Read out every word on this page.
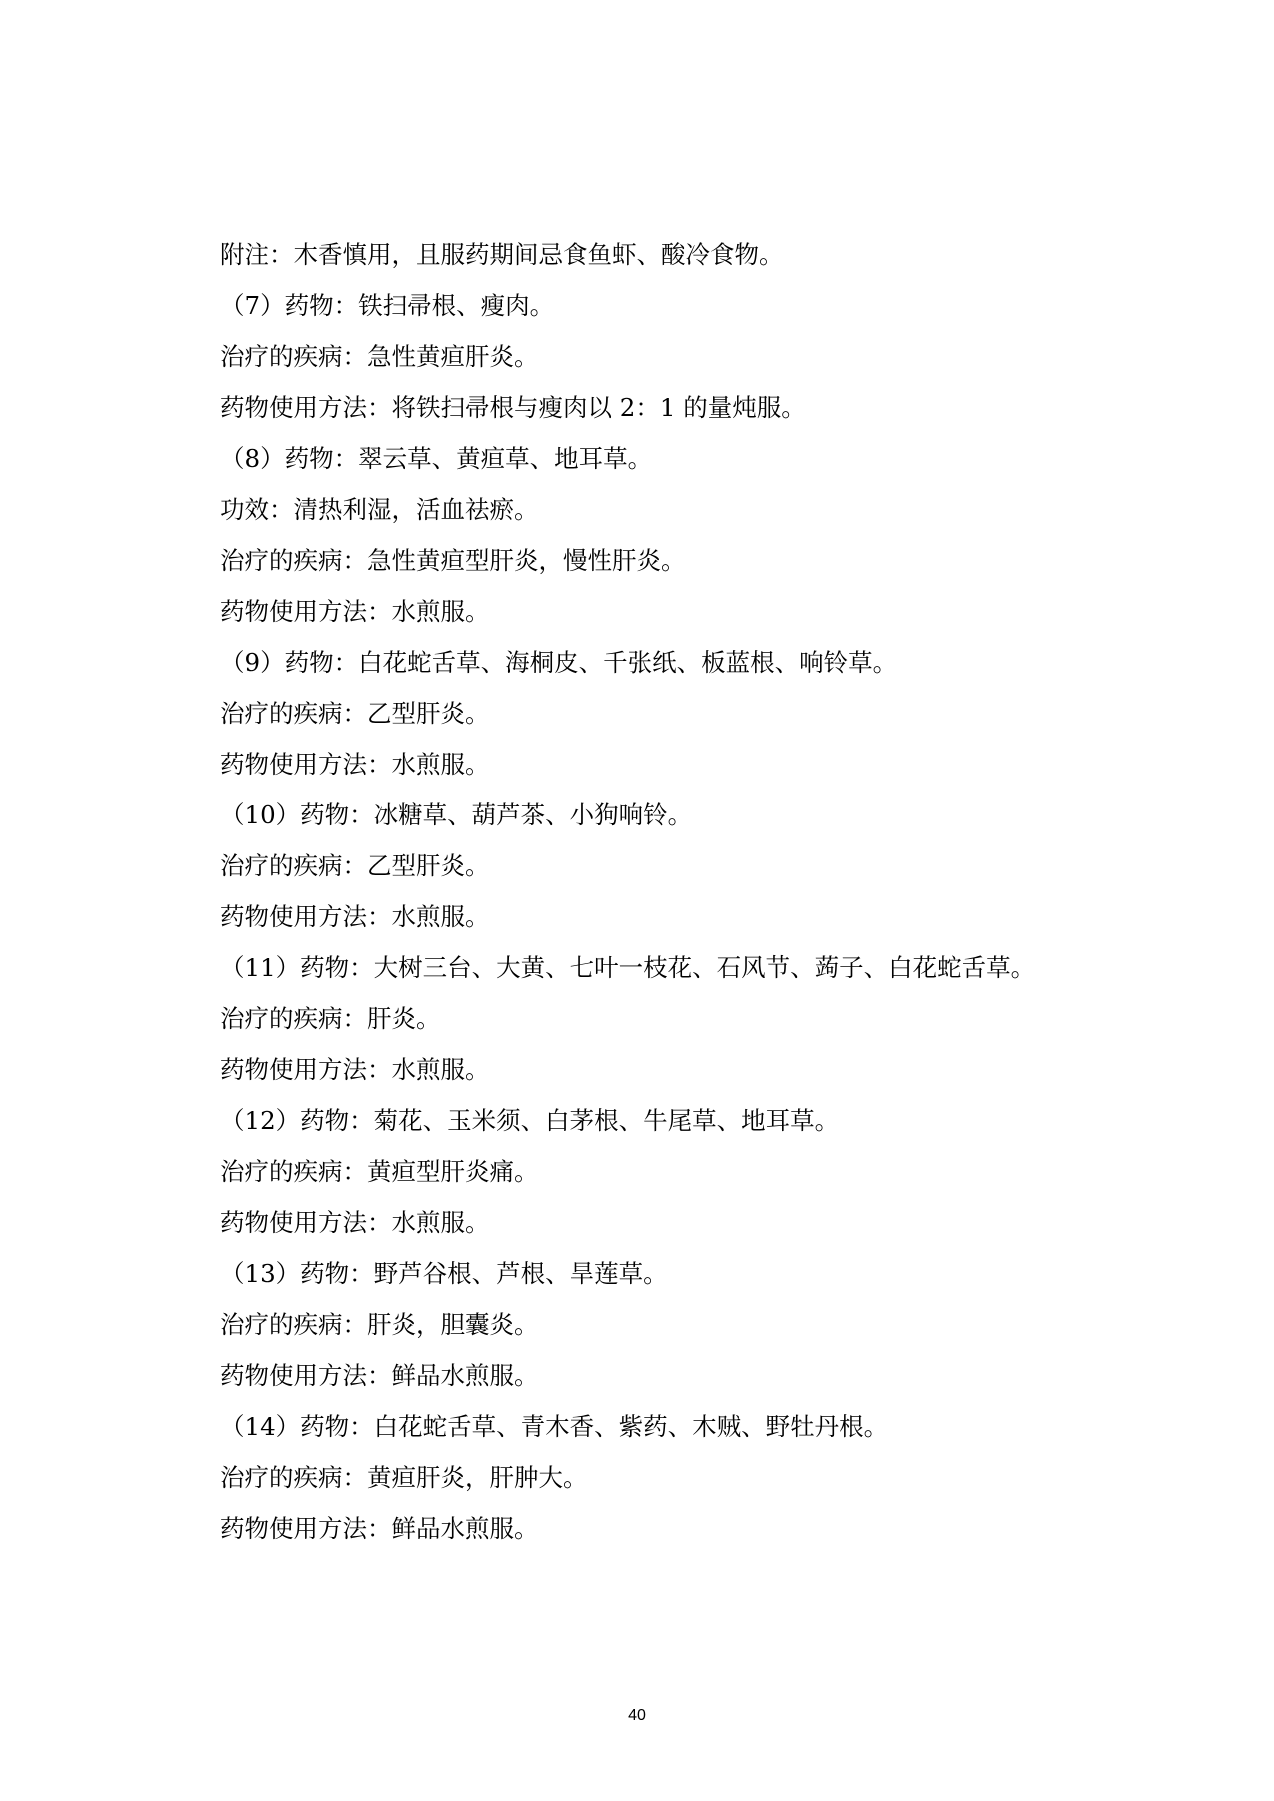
附注：木香慎用，且服药期间忌食鱼虾、酸冷食物。
（7）药物：铁扫帚根、瘦肉。
治疗的疾病：急性黄疸肝炎。
药物使用方法：将铁扫帚根与瘦肉以 2：1 的量炖服。
（8）药物：翠云草、黄疸草、地耳草。
功效：清热利湿，活血祛瘀。
治疗的疾病：急性黄疸型肝炎，慢性肝炎。
药物使用方法：水煎服。
（9）药物：白花蛇舌草、海桐皮、千张纸、板蓝根、响铃草。
治疗的疾病：乙型肝炎。
药物使用方法：水煎服。
（10）药物：冰糖草、葫芦茶、小狗响铃。
治疗的疾病：乙型肝炎。
药物使用方法：水煎服。
（11）药物：大树三台、大黄、七叶一枝花、石风节、蒟子、白花蛇舌草。
治疗的疾病：肝炎。
药物使用方法：水煎服。
（12）药物：菊花、玉米须、白茅根、牛尾草、地耳草。
治疗的疾病：黄疸型肝炎痛。
药物使用方法：水煎服。
（13）药物：野芦谷根、芦根、旱莲草。
治疗的疾病：肝炎，胆囊炎。
药物使用方法：鲜品水煎服。
（14）药物：白花蛇舌草、青木香、紫药、木贼、野牡丹根。
治疗的疾病：黄疸肝炎，肝肿大。
药物使用方法：鲜品水煎服。
40
